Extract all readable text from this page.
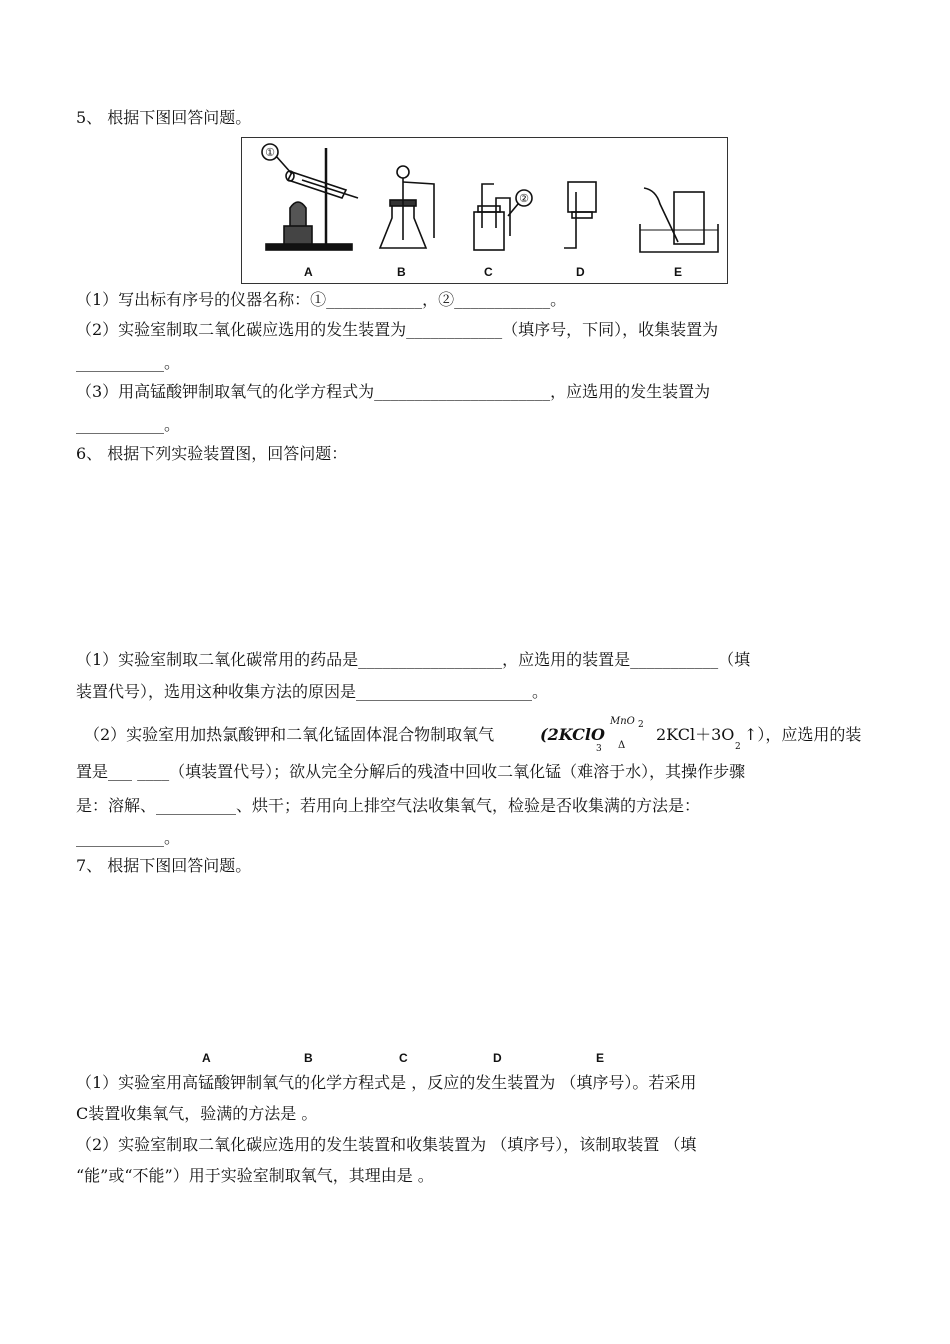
5、 根据下图回答问题。
A	B	C	D	E
①
②
（1）写出标有序号的仪器名称：①____________，②____________。
（2）实验室制取二氧化碳应选用的发生装置为____________（填序号，下同），收集装置为
___________。
（3）用高锰酸钾制取氧气的化学方程式为______________________，应选用的发生装置为
___________。
6、 根据下列实验装置图，回答问题：
（1）实验室制取二氧化碳常用的药品是__________________，应选用的装置是___________（填
装置代号），选用这种收集方法的原因是______________________。
（2）实验室用加热氯酸钾和二氧化锰固体混合物制取氧气	(2KClO
3
MnO 2
Δ
2KCl＋3O
2
↑），应选用的装
置是___ ____（填装置代号）；欲从完全分解后的残渣中回收二氧化锰（难溶于水），其操作步骤
是：溶解、__________、烘干；若用向上排空气法收集氧气，检验是否收集满的方法是：
___________。
7、 根据下图回答问题。
A	B	C	D	E
（1）实验室用高锰酸钾制氧气的化学方程式是 ，反应的发生装置为 （填序号）。若采用
C装置收集氧气，验满的方法是 。
（2）实验室制取二氧化碳应选用的发生装置和收集装置为 （填序号），该制取装置 （填
“能”或“不能”）用于实验室制取氧气，其理由是 。
